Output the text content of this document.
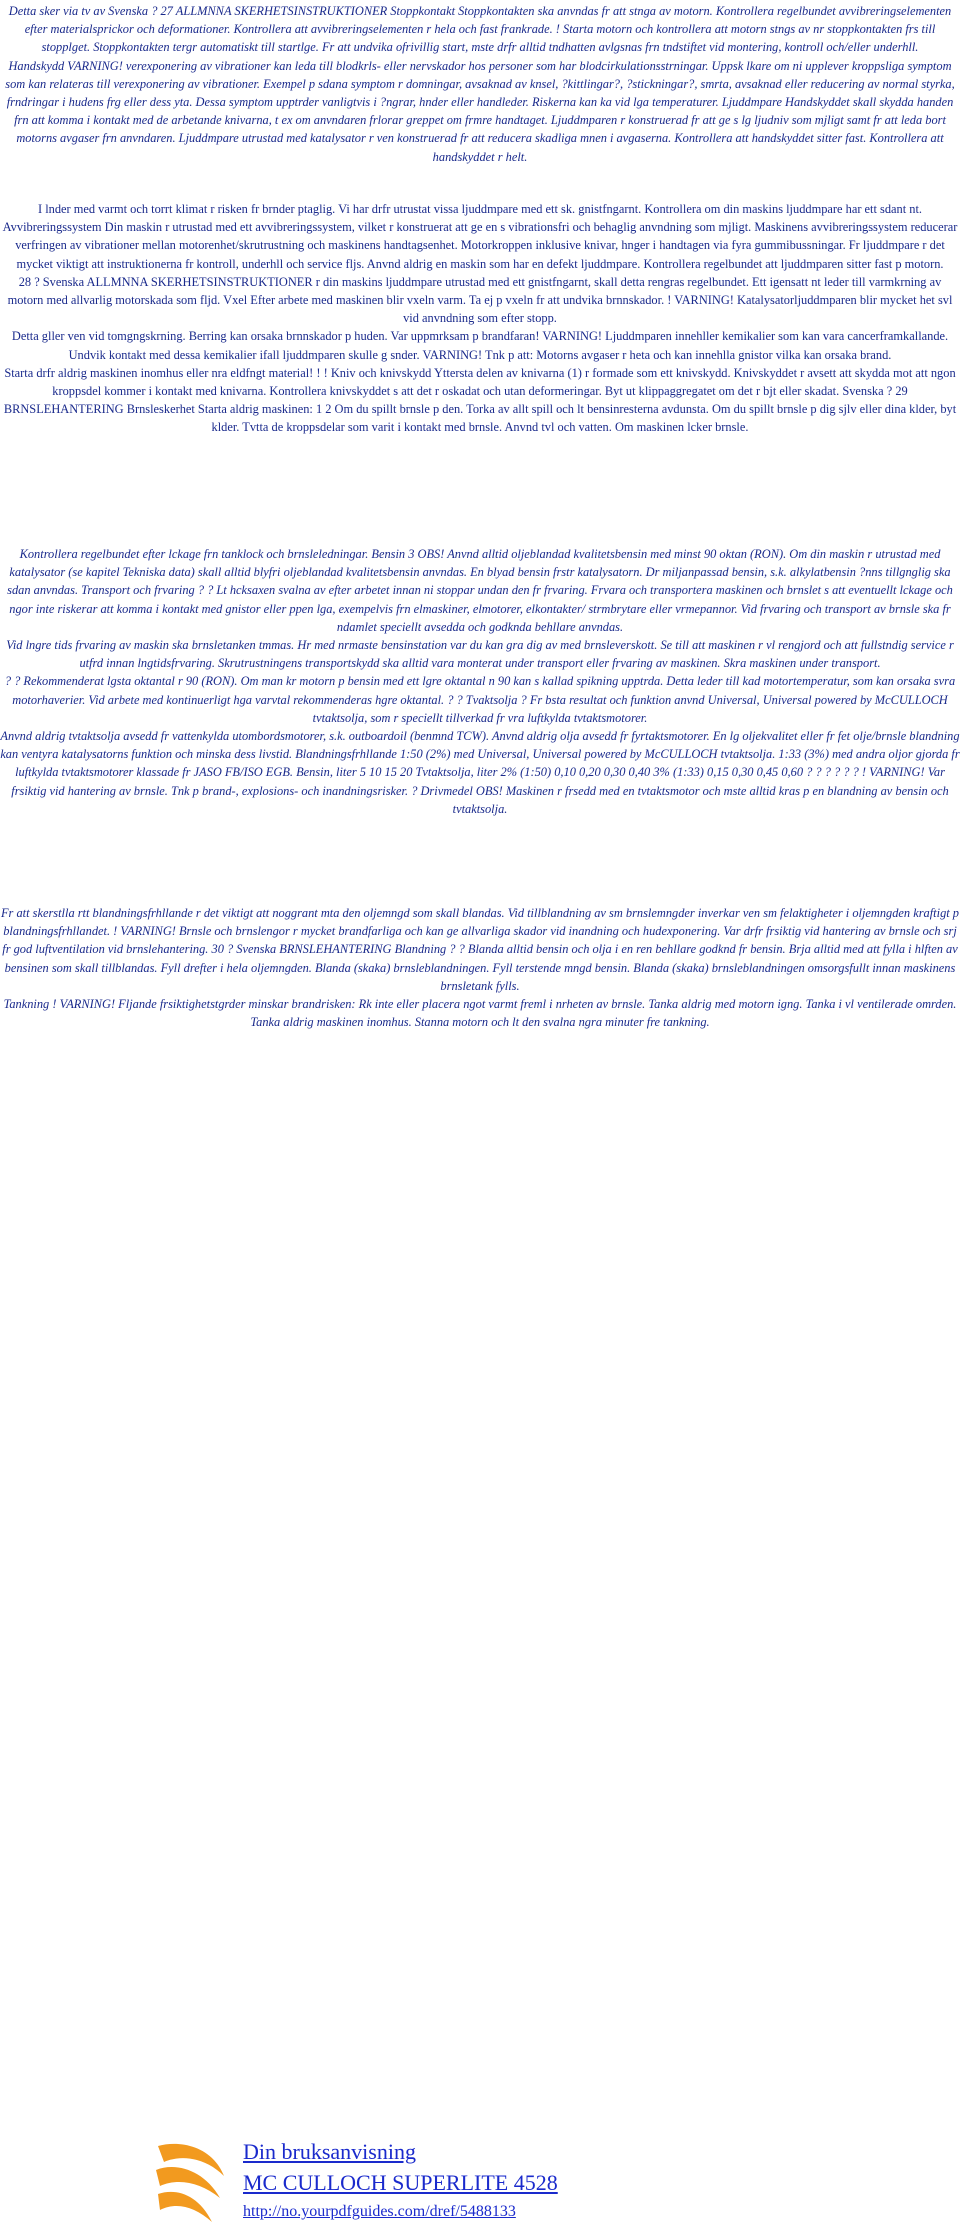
Detta sker via tv av Svenska ? 27 ALLMNNA SKERHETSINSTRUKTIONER Stoppkontakt Stoppkontakten ska anvndas fr att stnga av motorn. Kontrollera regelbundet avvibreringselementen efter materialsprickor och deformationer. Kontrollera att avvibreringselementen r hela och fast frankrade. ! Starta motorn och kontrollera att motorn stngs av nr stoppkontakten frs till stopplget. Stoppkontakten tergr automatiskt till startlge. Fr att undvika ofrivillig start, mste drfr alltid tndhatten avlgsnas frn tndstiftet vid montering, kontroll och/eller underhll.
Handskydd VARNING! verexponering av vibrationer kan leda till blodkrls- eller nervskador hos personer som har blodcirkulationsstrningar. Uppsk lkare om ni upplever kroppsliga symptom som kan relateras till verexponering av vibrationer. Exempel p sdana symptom r domningar, avsaknad av knsel, ?kittlingar?, ?stickningar?, smrta, avsaknad eller reducering av normal styrka, frndringar i hudens frg eller dess yta. Dessa symptom upptrder vanligtvis i ?ngrar, hnder eller handleder. Riskerna kan ka vid lga temperaturer. Ljuddmpare Handskyddet skall skydda handen frn att komma i kontakt med de arbetande knivarna, t ex om anvndaren frlorar greppet om frmre handtaget. Ljuddmparen r konstruerad fr att ge s lg ljudniv som mjligt samt fr att leda bort motorns avgaser frn anvndaren. Ljuddmpare utrustad med katalysator r ven konstruerad fr att reducera skadliga mnen i avgaserna. Kontrollera att handskyddet sitter fast. Kontrollera att handskyddet r helt.
I lnder med varmt och torrt klimat r risken fr brnder ptaglig. Vi har drfr utrustat vissa ljuddmpare med ett sk. gnistfngarnt. Kontrollera om din maskins ljuddmpare har ett sdant nt. Avvibreringssystem Din maskin r utrustad med ett avvibreringssystem, vilket r konstruerat att ge en s vibrationsfri och behaglig anvndning som mjligt. Maskinens avvibreringssystem reducerar verfringen av vibrationer mellan motorenhet/skrutrustning och maskinens handtagsenhet. Motorkroppen inklusive knivar, hnger i handtagen via fyra gummibussningar. Fr ljuddmpare r det mycket viktigt att instruktionerna fr kontroll, underhll och service fljs. Anvnd aldrig en maskin som har en defekt ljuddmpare. Kontrollera regelbundet att ljuddmparen sitter fast p motorn.
28 ? Svenska ALLMNNA SKERHETSINSTRUKTIONER r din maskins ljuddmpare utrustad med ett gnistfngarnt, skall detta rengras regelbundet. Ett igensatt nt leder till varmkrning av motorn med allvarlig motorskada som fljd. Vxel Efter arbete med maskinen blir vxeln varm. Ta ej p vxeln fr att undvika brnnskador. ! VARNING! Katalysatorljuddmparen blir mycket het svl vid anvndning som efter stopp.
Detta gller ven vid tomgngskrning. Berring kan orsaka brnnskador p huden. Var uppmrksam p brandfaran! VARNING! Ljuddmparen innehller kemikalier som kan vara cancerframkallande. Undvik kontakt med dessa kemikalier ifall ljuddmparen skulle g snder. VARNING! Tnk p att: Motorns avgaser r heta och kan innehlla gnistor vilka kan orsaka brand.
Starta drfr aldrig maskinen inomhus eller nra eldfngt material! ! ! Kniv och knivskydd Yttersta delen av knivarna (1) r formade som ett knivskydd. Knivskyddet r avsett att skydda mot att ngon kroppsdel kommer i kontakt med knivarna. Kontrollera knivskyddet s att det r oskadat och utan deformeringar. Byt ut klippaggregatet om det r bjt eller skadat. Svenska ? 29 BRNSLEHANTERING Brnsleskerhet Starta aldrig maskinen: 1 2 Om du spillt brnsle p den. Torka av allt spill och lt bensinresterna avdunsta. Om du spillt brnsle p dig sjlv eller dina klder, byt klder. Tvtta de kroppsdelar som varit i kontakt med brnsle. Anvnd tvl och vatten. Om maskinen lcker brnsle.
Kontrollera regelbundet efter lckage frn tanklock och brnsleledningar. Bensin 3 OBS! Anvnd alltid oljeblandad kvalitetsbensin med minst 90 oktan (RON). Om din maskin r utrustad med katalysator (se kapitel Tekniska data) skall alltid blyfri oljeblandad kvalitetsbensin anvndas. En blyad bensin frstr katalysatorn. Dr miljanpassad bensin, s.k. alkylatbensin ?nns tillgnglig ska sdan anvndas. Transport och frvaring ? ? Lt hcksaxen svalna av efter arbetet innan ni stoppar undan den fr frvaring. Frvara och transportera maskinen och brnslet s att eventuellt lckage och ngor inte riskerar att komma i kontakt med gnistor eller ppen lga, exempelvis frn elmaskiner, elmotorer, elkontakter/ strmbrytare eller vrmepannor. Vid frvaring och transport av brnsle ska fr ndamlet speciellt avsedda och godknda behllare anvndas.
Vid lngre tids frvaring av maskin ska brnsletanken tmmas. Hr med nrmaste bensinstation var du kan gra dig av med brnsleverskott. Se till att maskinen r vl rengjord och att fullstndig service r utfrd innan lngtidsfrvaring. Skrutrustningens transportskydd ska alltid vara monterat under transport eller frvaring av maskinen. Skra maskinen under transport.
? ? Rekommenderat lgsta oktantal r 90 (RON). Om man kr motorn p bensin med ett lgre oktantal n 90 kan s kallad spikning upptrda. Detta leder till kad motortemperatur, som kan orsaka svra motorhaverier. Vid arbete med kontinuerligt hga varvtal rekommenderas hgre oktantal. ? ? Tvaktsolja ? Fr bsta resultat och funktion anvnd Universal, Universal powered by McCULLOCH tvtaktsolja, som r speciellt tillverkad fr vra luftkylda tvtaktsmotorer.
Anvnd aldrig tvtaktsolja avsedd fr vattenkylda utombordsmotorer, s.k. outboardoil (benmnd TCW). Anvnd aldrig olja avsedd fr fyrtaktsmotorer. En lg oljekvalitet eller fr fet olje/brnsle blandning kan ventyra katalysatorns funktion och minska dess livstid. Blandningsfrhllande 1:50 (2%) med Universal, Universal powered by McCULLOCH tvtaktsolja. 1:33 (3%) med andra oljor gjorda fr luftkylda tvtaktsmotorer klassade fr JASO FB/ISO EGB. Bensin, liter 5 10 15 20 Tvtaktsolja, liter 2% (1:50) 0,10 0,20 0,30 0,40 3% (1:33) 0,15 0,30 0,45 0,60 ? ? ? ? ? ? ! VARNING! Var frsiktig vid hantering av brnsle. Tnk p brand-, explosions- och inandningsrisker. ? Drivmedel OBS! Maskinen r frsedd med en tvtaktsmotor och mste alltid kras p en blandning av bensin och tvtaktsolja.
Fr att skerstlla rtt blandningsfrhllande r det viktigt att noggrant mta den oljemngd som skall blandas. Vid tillblandning av sm brnslemngder inverkar ven sm felaktigheter i oljemngden kraftigt p blandningsfrhllandet. ! VARNING! Brnsle och brnslengor r mycket brandfarliga och kan ge allvarliga skador vid inandning och hudexponering. Var drfr frsiktig vid hantering av brnsle och srj fr god luftventilation vid brnslehantering. 30 ? Svenska BRNSLEHANTERING Blandning ? ? Blanda alltid bensin och olja i en ren behllare godknd fr bensin. Brja alltid med att fylla i hlften av bensinen som skall tillblandas. Fyll drefter i hela oljemngden. Blanda (skaka) brnsleblandningen. Fyll terstende mngd bensin. Blanda (skaka) brnsleblandningen omsorgsfullt innan maskinens brnsletank fylls.
Tankning ! VARNING! Fljande frsiktighetstgrder minskar brandrisken: Rk inte eller placera ngot varmt freml i nrheten av brnsle. Tanka aldrig med motorn igng. Tanka i vl ventilerade omrden. Tanka aldrig maskinen inomhus. Stanna motorn och lt den svalna ngra minuter fre tankning.
Din bruksanvisning
MC CULLOCH SUPERLITE 4528
http://no.yourpdfguides.com/dref/5488133
